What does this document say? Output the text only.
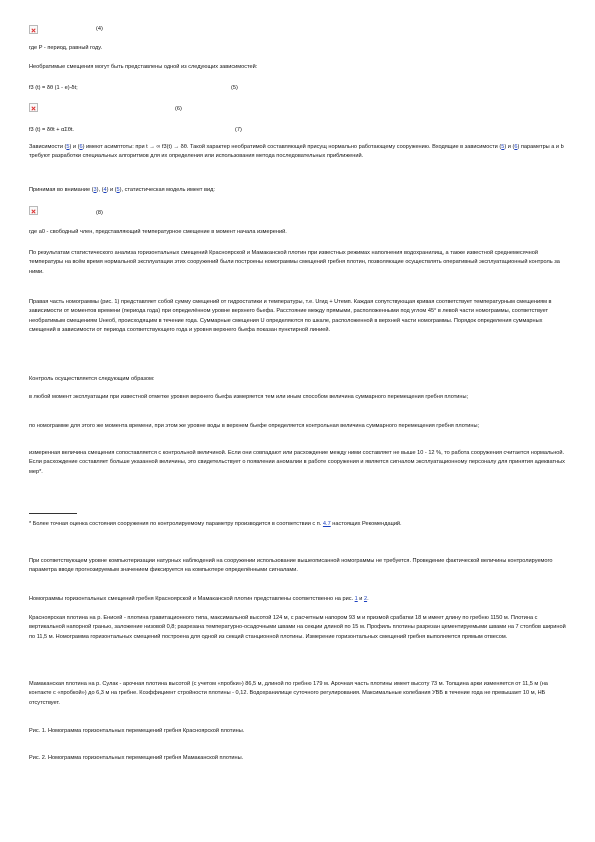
(4)
где P - период, равный году.
Необратимые смещения могут быть представлены одной из следующих зависимостей:
f3 (t) = δθ (1 - e)-δt;	(5)
(6)
f3 (t) = δθt + αΣθt.	(7)
Зависимости (5) и (6) имеют асимптоты: при t → ∞ f3(t) → δθ. Такой характер необратимой составляющей присущ нормально работающему сооружению. Входящие в зависимости (5) и (6) параметры a и b требуют разработки специальных алгоритмов для их определения или использования метода последовательных приближений.
Принимая во внимание (3), (4) и (5), статистическая модель имеет вид:
(8)
где a0 - свободный член, представляющий температурное смещение в момент начала измерений.
По результатам статистического анализа горизонтальных смещений Красноярской и Мамаканской плотин при известных режимах наполнения водохранилищ, а также известной среднемесячной температуры на всём время нормальной эксплуатации этих сооружений были построены номограммы смещений гребня плотин, позволяющие осуществлять оперативный эксплуатационный контроль за ними.
Правая часть номограммы (рис. 1) представляет собой сумму смещений от гидростатики и температуры, т.е. Uгид + Uтемп. Каждая сопутствующая кривая соответствует температурным смещениям в зависимости от моментов времени (периода года) при определённом уровне верхнего бьефа. Расстояние между прямыми, расположенными под углом 45° в левой части номограммы, соответствует необратимым смещениям Uнеоб, происходящим в течение года. Суммарные смещения U определяются по шкале, расположенной в верхней части номограммы. Порядок определения суммарных смещений в зависимости от периода соответствующего года и уровня верхнего бьефа показан пунктирной линией.
Контроль осуществляется следующим образом:
в любой момент эксплуатации при известной отметке уровня верхнего бьефа измеряется тем или иным способом величина суммарного перемещения гребня плотины;
по номограмме для этого же момента времени, при этом же уровне воды в верхнем бьефе определяется контрольная величина суммарного перемещения гребня плотины;
измеренная величина смещения сопоставляется с контрольной величиной. Если они совпадают или расхождение между ними составляет не выше 10 - 12 %, то работа сооружения считается нормальной. Если расхождение составляет больше указанной величины, это свидетельствует о появлении аномалии в работе сооружения и является сигналом эксплуатационному персоналу для принятия адекватных мер*.
* Более точная оценка состояния сооружения по контролируемому параметру производится в соответствии с п. 4.7 настоящих Рекомендаций.
При соответствующем уровне компьютеризации натурных наблюдений на сооружении использование вышеописанной номограммы не требуется. Проведение фактической величины контролируемого параметра вводе прогнозируемым значением фиксируется на компьютере определёнными сигналами.
Номограммы горизонтальных смещений гребня Красноярской и Мамаканской плотин представлены соответственно на рис. 1 и 2.
Красноярская плотина на р. Енисей - плотина гравитационного типа, максимальной высотой 124 м, с расчетным напором 93 м и призмой срабатки 18 м имеет длину по гребню 1150 м. Плотина с вертикальной напорной гранью, заложение низовой 0,8; разрезана температурно-осадочными швами на секции длиной по 15 м. Профиль плотины разрезан цементируемыми швами на 7 столбов шириной по 11,5 м. Номограмма горизонтальных смещений построена для одной из секций станционной плотины. Измерение горизонтальных смещений гребня выполняется прямым отвесом.
Мамаканская плотина на р. Сулак - арочная плотина высотой (с учетом «пробки») 86,5 м, длиной по гребню 179 м. Арочная часть плотины имеет высоту 73 м. Толщина арки изменяется от 11,5 м (на контакте с «пробкой») до 6,3 м на гребне. Коэффициент стройности плотины - 0,12. Водохранилище суточного регулирования. Максимальные колебания УВБ в течение года не превышает 10 м, НБ отсутствует.
Рис. 1. Номограмма горизонтальных перемещений гребня Красноярской плотины.
Рис. 2. Номограмма горизонтальных перемещений гребня Мамаканской плотины.
